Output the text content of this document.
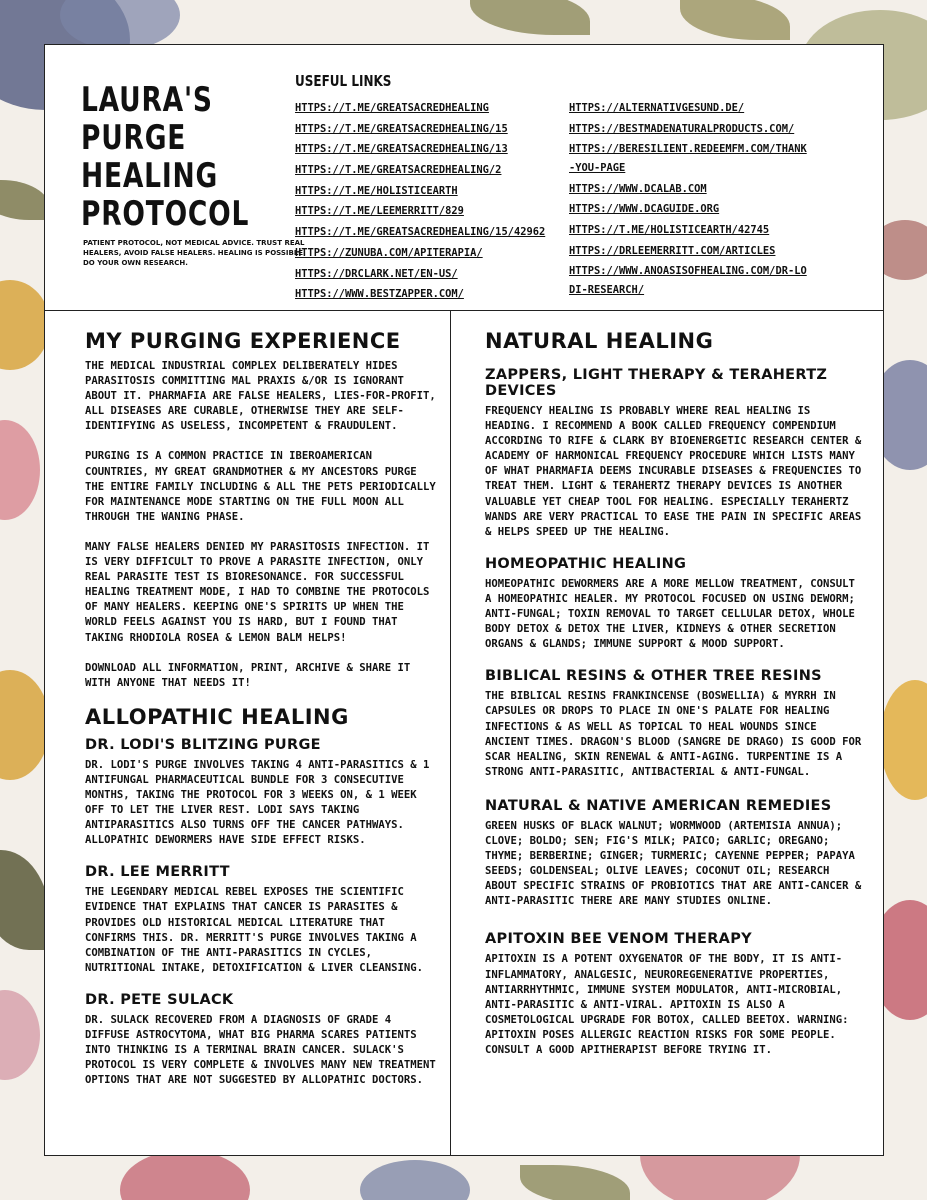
LAURA'S
PURGE
HEALING
PROTOCOL
PATIENT PROTOCOL, NOT MEDICAL ADVICE. TRUST REAL HEALERS, AVOID FALSE HEALERS. HEALING IS POSSIBLE. DO YOUR OWN RESEARCH.
USEFUL LINKS
HTTPS://T.ME/GREATSACREDHEALING
HTTPS://T.ME/GREATSACREDHEALING/15
HTTPS://T.ME/GREATSACREDHEALING/13
HTTPS://T.ME/GREATSACREDHEALING/2
HTTPS://T.ME/HOLISTICEARTH
HTTPS://T.ME/LEEMERRITT/829
HTTPS://T.ME/GREATSACREDHEALING/15/42962
HTTPS://ZUNUBA.COM/APITERAPIA/
HTTPS://DRCLARK.NET/EN-US/
HTTPS://WWW.BESTZAPPER.COM/
HTTPS://ALTERNATIVGESUND.DE/
HTTPS://BESTMADENATURALPRODUCTS.COM/
HTTPS://BERESILIENT.REDEEMFM.COM/THANK-YOU-PAGE
HTTPS://WWW.DCALAB.COM
HTTPS://WWW.DCAGUIDE.ORG
HTTPS://T.ME/HOLISTICEARTH/42745
HTTPS://DRLEEMERRITT.COM/ARTICLES
HTTPS://WWW.ANOASISOFHEALING.COM/DR-LODI-RESEARCH/
MY PURGING EXPERIENCE

THE MEDICAL INDUSTRIAL COMPLEX DELIBERATELY HIDES PARASITOSIS COMMITTING MAL PRAXIS &/OR IS IGNORANT ABOUT IT. PHARMAFIA ARE FALSE HEALERS, LIES-FOR-PROFIT, ALL DISEASES ARE CURABLE, OTHERWISE THEY ARE SELF-IDENTIFYING AS USELESS, INCOMPETENT & FRAUDULENT.

PURGING IS A COMMON PRACTICE IN IBEROAMERICAN COUNTRIES, MY GREAT GRANDMOTHER & MY ANCESTORS PURGE THE ENTIRE FAMILY INCLUDING & ALL THE PETS PERIODICALLY FOR MAINTENANCE MODE STARTING ON THE FULL MOON ALL THROUGH THE WANING PHASE.

MANY FALSE HEALERS DENIED MY PARASITOSIS INFECTION. IT IS VERY DIFFICULT TO PROVE A PARASITE INFECTION, ONLY REAL PARASITE TEST IS BIORESONANCE. FOR SUCCESSFUL HEALING TREATMENT MODE, I HAD TO COMBINE THE PROTOCOLS OF MANY HEALERS. KEEPING ONE'S SPIRITS UP WHEN THE WORLD FEELS AGAINST YOU IS HARD, BUT I FOUND THAT TAKING RHODIOLA ROSEA & LEMON BALM HELPS!

DOWNLOAD ALL INFORMATION, PRINT, ARCHIVE & SHARE IT WITH ANYONE THAT NEEDS IT!

ALLOPATHIC HEALING
DR. LODI'S BLITZING PURGE

DR. LODI'S PURGE INVOLVES TAKING 4 ANTI-PARASITICS & 1 ANTIFUNGAL PHARMACEUTICAL BUNDLE FOR 3 CONSECUTIVE MONTHS, TAKING THE PROTOCOL FOR 3 WEEKS ON, & 1 WEEK OFF TO LET THE LIVER REST. LODI SAYS TAKING ANTIPARASITICS ALSO TURNS OFF THE CANCER PATHWAYS. ALLOPATHIC DEWORMERS HAVE SIDE EFFECT RISKS.

DR. LEE MERRITT

THE LEGENDARY MEDICAL REBEL EXPOSES THE SCIENTIFIC EVIDENCE THAT EXPLAINS THAT CANCER IS PARASITES & PROVIDES OLD HISTORICAL MEDICAL LITERATURE THAT CONFIRMS THIS. DR. MERRITT'S PURGE INVOLVES TAKING A COMBINATION OF THE ANTI-PARASITICS IN CYCLES, NUTRITIONAL INTAKE, DETOXIFICATION & LIVER CLEANSING.

DR. PETE SULACK

DR. SULACK RECOVERED FROM A DIAGNOSIS OF GRADE 4 DIFFUSE ASTROCYTOMA, WHAT BIG PHARMA SCARES PATIENTS INTO THINKING IS A TERMINAL BRAIN CANCER. SULACK'S PROTOCOL IS VERY COMPLETE & INVOLVES MANY NEW TREATMENT OPTIONS THAT ARE NOT SUGGESTED BY ALLOPATHIC DOCTORS.

NATURAL HEALING
ZAPPERS, LIGHT THERAPY & TERAHERTZ DEVICES

FREQUENCY HEALING IS PROBABLY WHERE REAL HEALING IS HEADING. I RECOMMEND A BOOK CALLED FREQUENCY COMPENDIUM ACCORDING TO RIFE & CLARK BY BIOENERGETIC RESEARCH CENTER & ACADEMY OF HARMONICAL FREQUENCY PROCEDURE WHICH LISTS MANY OF WHAT PHARMAFIA DEEMS INCURABLE DISEASES & FREQUENCIES TO TREAT THEM. LIGHT & TERAHERTZ THERAPY DEVICES IS ANOTHER VALUABLE YET CHEAP TOOL FOR HEALING. ESPECIALLY TERAHERTZ WANDS ARE VERY PRACTICAL TO EASE THE PAIN IN SPECIFIC AREAS & HELPS SPEED UP THE HEALING.

HOMEOPATHIC HEALING

HOMEOPATHIC DEWORMERS ARE A MORE MELLOW TREATMENT, CONSULT A HOMEOPATHIC HEALER. MY PROTOCOL FOCUSED ON USING DEWORM; ANTI-FUNGAL; TOXIN REMOVAL TO TARGET CELLULAR DETOX, WHOLE BODY DETOX & DETOX THE LIVER, KIDNEYS & OTHER SECRETION ORGANS & GLANDS; IMMUNE SUPPORT & MOOD SUPPORT.

BIBLICAL RESINS & OTHER TREE RESINS

THE BIBLICAL RESINS FRANKINCENSE (BOSWELLIA) & MYRRH IN CAPSULES OR DROPS TO PLACE IN ONE'S PALATE FOR HEALING INFECTIONS & AS WELL AS TOPICAL TO HEAL WOUNDS SINCE ANCIENT TIMES. DRAGON'S BLOOD (SANGRE DE DRAGO) IS GOOD FOR SCAR HEALING, SKIN RENEWAL & ANTI-AGING. TURPENTINE IS A STRONG ANTI-PARASITIC, ANTIBACTERIAL & ANTI-FUNGAL.

NATURAL & NATIVE AMERICAN REMEDIES

GREEN HUSKS OF BLACK WALNUT; WORMWOOD (ARTEMISIA ANNUA); CLOVE; BOLDO; SEN; FIG'S MILK; PAICO; GARLIC; OREGANO; THYME; BERBERINE; GINGER; TURMERIC; CAYENNE PEPPER; PAPAYA SEEDS; GOLDENSEAL; OLIVE LEAVES; COCONUT OIL; RESEARCH ABOUT SPECIFIC STRAINS OF PROBIOTICS THAT ARE ANTI-CANCER & ANTI-PARASITIC THERE ARE MANY STUDIES ONLINE.

APITOXIN BEE VENOM THERAPY

APITOXIN IS A POTENT OXYGENATOR OF THE BODY, IT IS ANTI-INFLAMMATORY, ANALGESIC, NEUROREGENERATIVE PROPERTIES, ANTIARRHYTHMIC, IMMUNE SYSTEM MODULATOR, ANTI-MICROBIAL, ANTI-PARASITIC & ANTI-VIRAL. APITOXIN IS ALSO A COSMETOLOGICAL UPGRADE FOR BOTOX, CALLED BEETOX. WARNING: APITOXIN POSES ALLERGIC REACTION RISKS FOR SOME PEOPLE. CONSULT A GOOD APITHERAPIST BEFORE TRYING IT.
